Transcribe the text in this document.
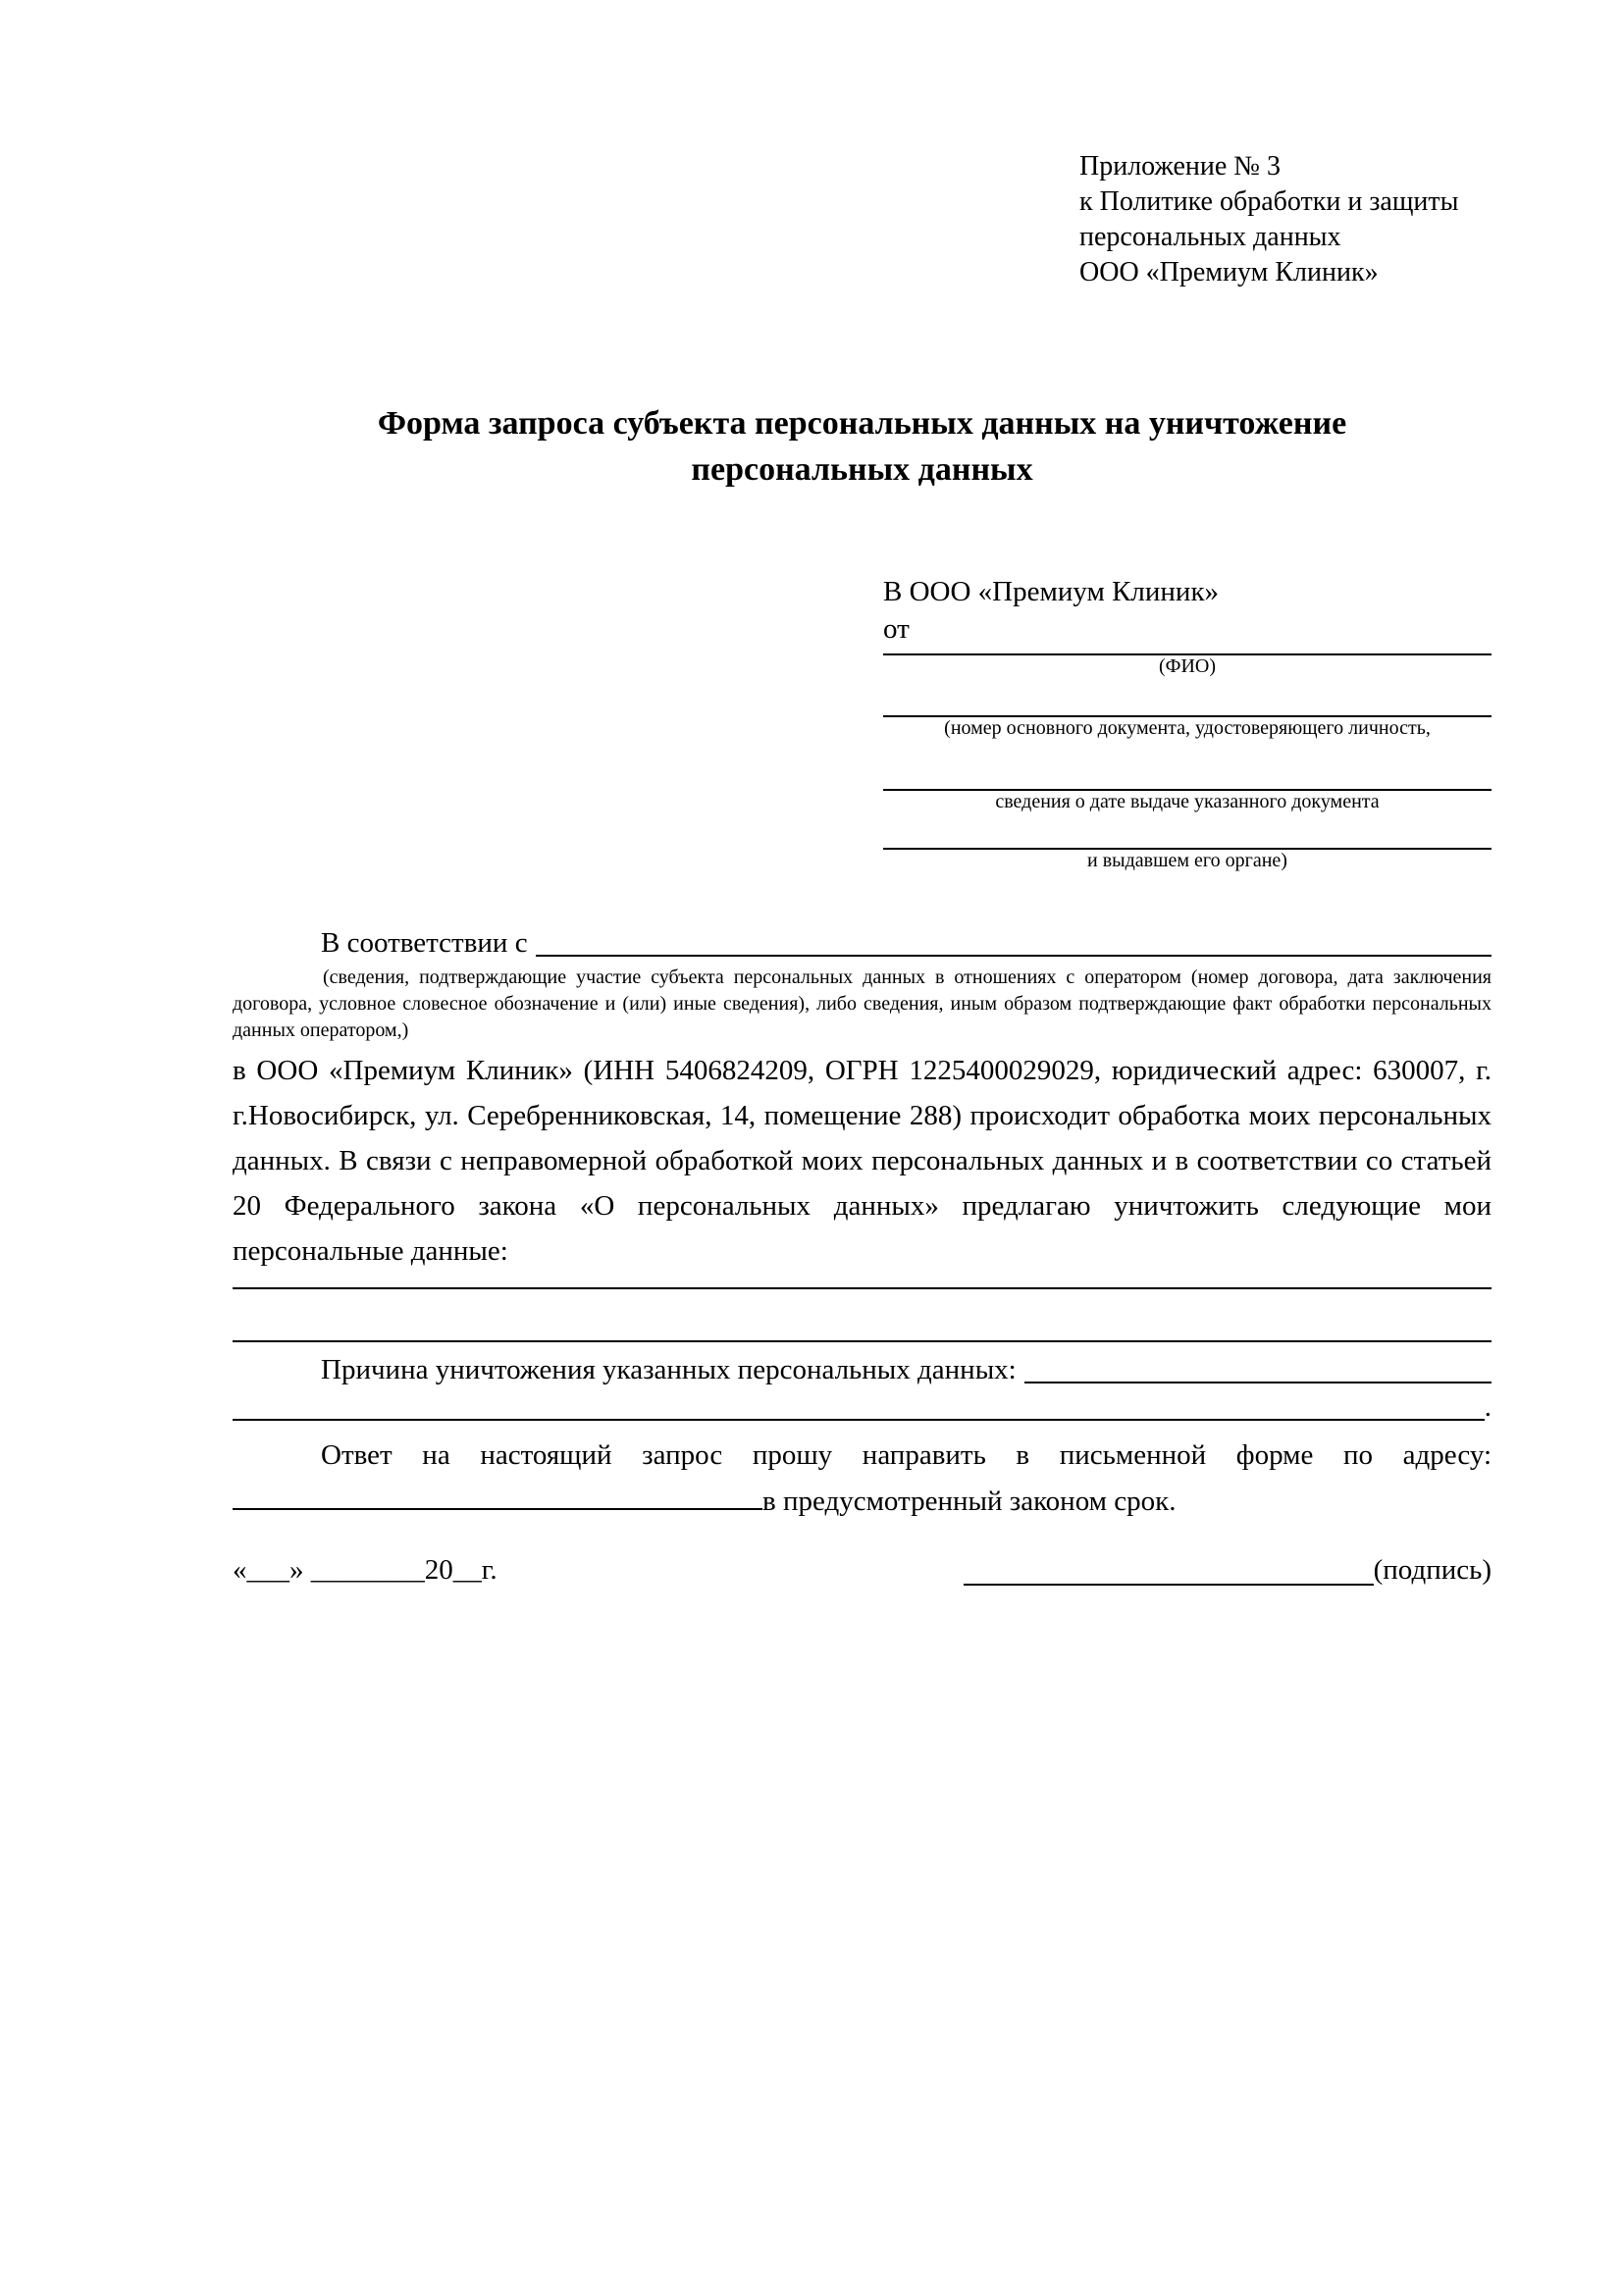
Приложение № 3
к Политике обработки и защиты
персональных данных
ООО «Премиум Клиник»
Форма запроса субъекта персональных данных на уничтожение персональных данных
В ООО «Премиум Клиник»
от
(ФИО)
(номер основного документа, удостоверяющего личность,
сведения о дате выдаче указанного документа
и выдавшем его органе)
В соответствии с
(сведения, подтверждающие участие субъекта персональных данных в отношениях с оператором (номер договора, дата заключения договора, условное словесное обозначение и (или) иные сведения), либо сведения, иным образом подтверждающие факт обработки персональных данных оператором,)

в ООО «Премиум Клиник» (ИНН 5406824209, ОГРН 1225400029029, юридический адрес: 630007, г. г.Новосибирск, ул. Серебренниковская, 14, помещение 288) происходит обработка моих персональных данных. В связи с неправомерной обработкой моих персональных данных и в соответствии со статьей 20 Федерального закона «О персональных данных» предлагаю уничтожить следующие мои персональные данные:

Причина уничтожения указанных персональных данных:
.

Ответ на настоящий запрос прошу направить в письменной форме по адресу: в предусмотренный законом срок.

«___» ________20__г.	(подпись)
